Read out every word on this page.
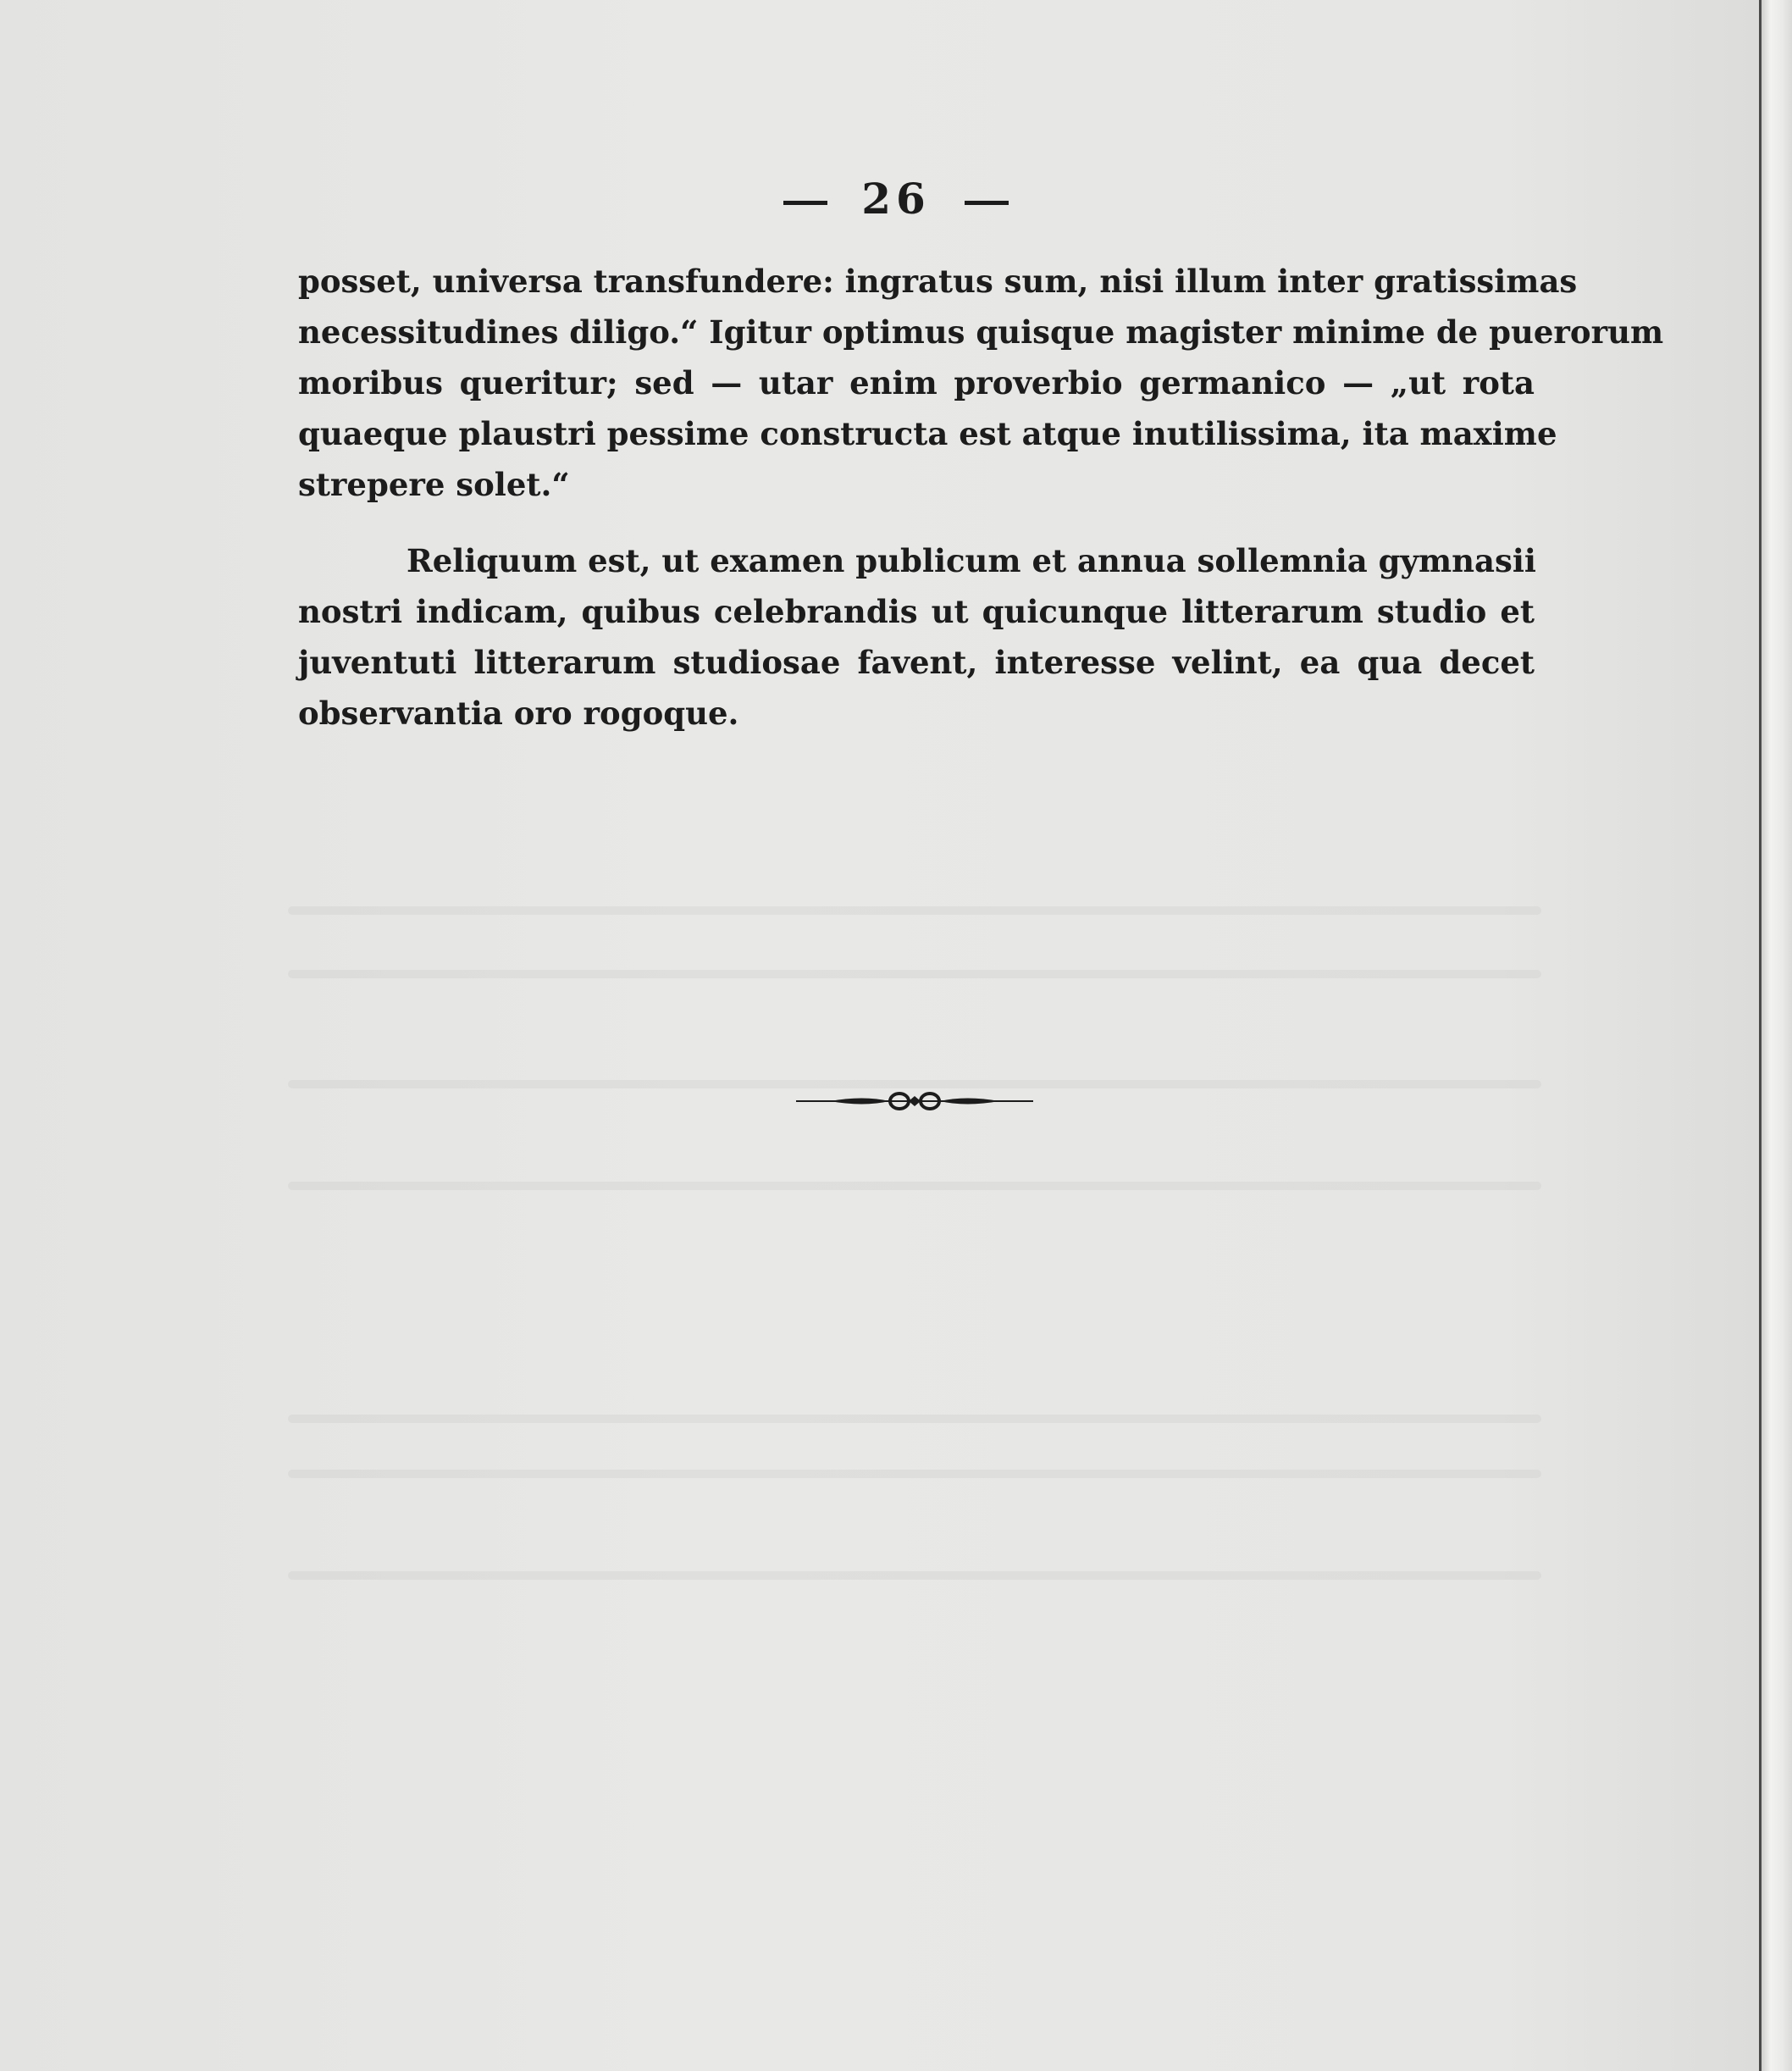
26
posset, universa transfundere: ingratus sum, nisi illum inter gratissimas
necessitudines diligo.“ Igitur optimus quisque magister minime de puerorum
moribus queritur; sed — utar enim proverbio germanico — „ut rota
quaeque plaustri pessime constructa est atque inutilissima, ita maxime
strepere solet.“
Reliquum est, ut examen publicum et annua sollemnia gymnasii
nostri indicam, quibus celebrandis ut quicunque litterarum studio et
juventuti litterarum studiosae favent, interesse velint, ea qua decet
observantia oro rogoque.
